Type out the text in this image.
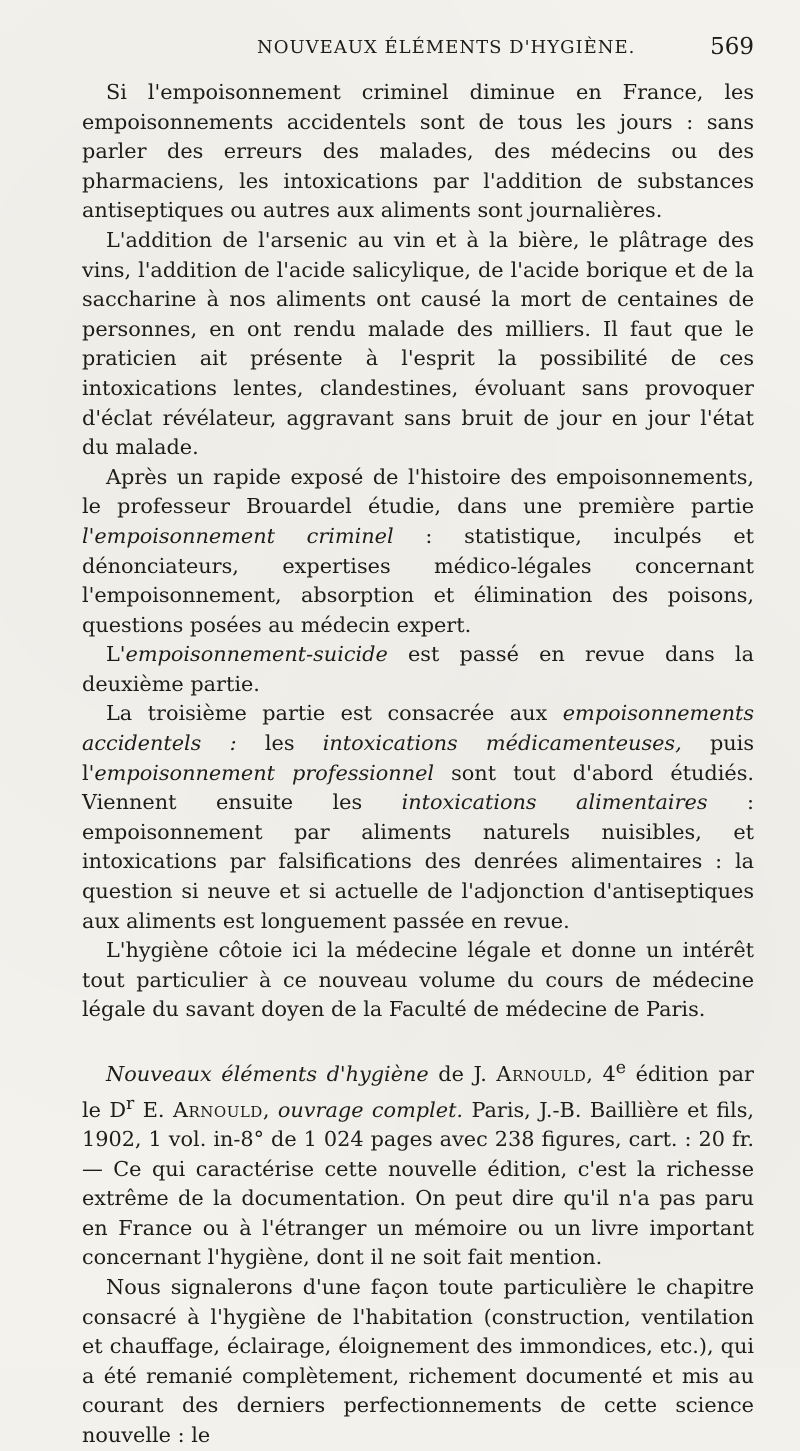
NOUVEAUX ÉLÉMENTS D'HYGIÈNE.	569

Si l'empoisonnement criminel diminue en France, les empoisonnements accidentels sont de tous les jours : sans parler des erreurs des malades, des médecins ou des pharmaciens, les intoxications par l'addition de substances antiseptiques ou autres aux aliments sont journalières.

L'addition de l'arsenic au vin et à la bière, le plâtrage des vins, l'addition de l'acide salicylique, de l'acide borique et de la saccharine à nos aliments ont causé la mort de centaines de personnes, en ont rendu malade des milliers. Il faut que le praticien ait présente à l'esprit la possibilité de ces intoxications lentes, clandestines, évoluant sans provoquer d'éclat révélateur, aggravant sans bruit de jour en jour l'état du malade.

Après un rapide exposé de l'histoire des empoisonnements, le professeur Brouardel étudie, dans une première partie l'empoisonnement criminel : statistique, inculpés et dénonciateurs, expertises médico-légales concernant l'empoisonnement, absorption et élimination des poisons, questions posées au médecin expert.

L'empoisonnement-suicide est passé en revue dans la deuxième partie.

La troisième partie est consacrée aux empoisonnements accidentels : les intoxications médicamenteuses, puis l'empoisonnement professionnel sont tout d'abord étudiés. Viennent ensuite les intoxications alimentaires : empoisonnement par aliments naturels nuisibles, et intoxications par falsifications des denrées alimentaires : la question si neuve et si actuelle de l'adjonction d'antiseptiques aux aliments est longuement passée en revue.

L'hygiène côtoie ici la médecine légale et donne un intérêt tout particulier à ce nouveau volume du cours de médecine légale du savant doyen de la Faculté de médecine de Paris.

Nouveaux éléments d'hygiène de J. Arnould, 4e édition par le $D^r$ E. Arnould, ouvrage complet. Paris, J.-B. Baillière et fils, 1902, 1 vol. in-8° de 1 024 pages avec 238 figures, cart. : 20 fr. — Ce qui caractérise cette nouvelle édition, c'est la richesse extrême de la documentation. On peut dire qu'il n'a pas paru en France ou à l'étranger un mémoire ou un livre important concernant l'hygiène, dont il ne soit fait mention.

Nous signalerons d'une façon toute particulière le chapitre consacré à l'hygiène de l'habitation (construction, ventilation et chauffage, éclairage, éloignement des immondices, etc.), qui a été remanié complètement, richement documenté et mis au courant des derniers perfectionnements de cette science nouvelle : le
